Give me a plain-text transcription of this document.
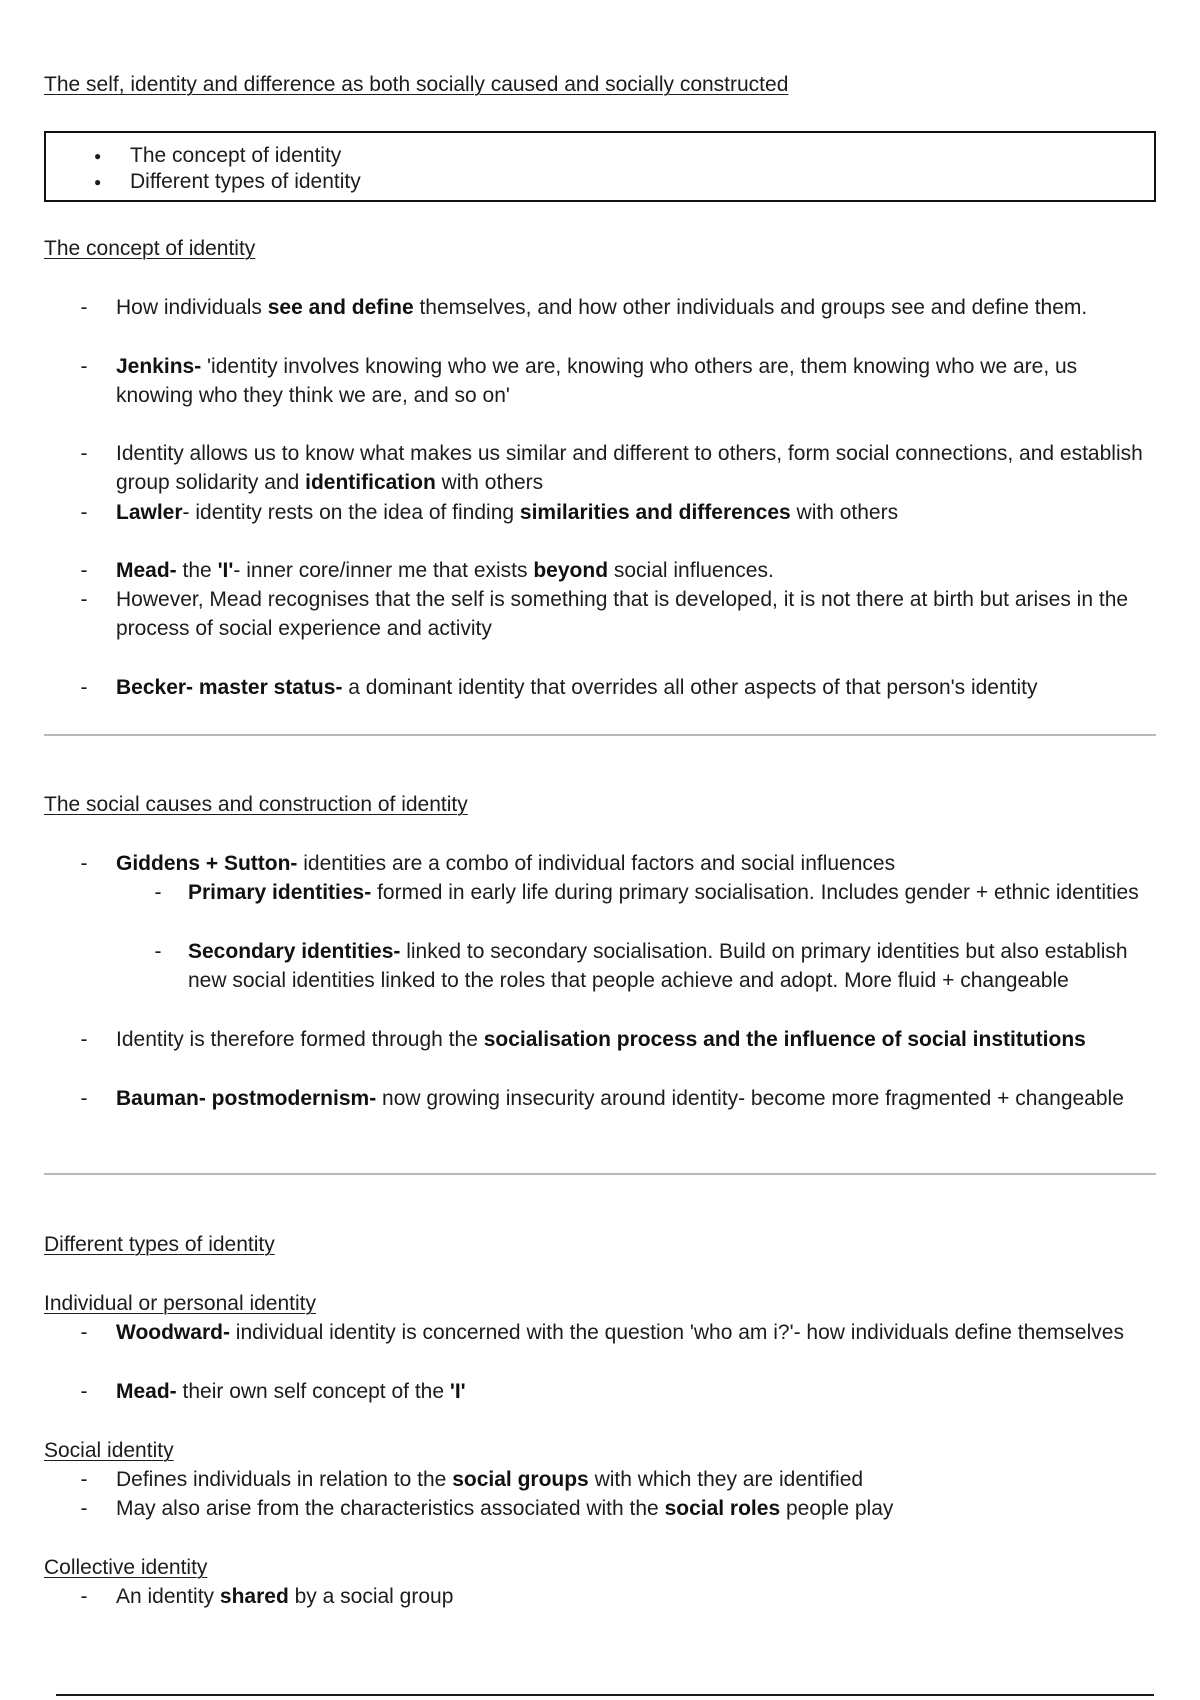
The self, identity and difference as both socially caused and socially constructed
● The concept of identity
● Different types of identity
The concept of identity
- How individuals see and define themselves, and how other individuals and groups see and define them.
- Jenkins- 'identity involves knowing who we are, knowing who others are, them knowing who we are, us knowing who they think we are, and so on'
- Identity allows us to know what makes us similar and different to others, form social connections, and establish group solidarity and identification with others
- Lawler- identity rests on the idea of finding similarities and differences with others
- Mead- the 'I'- inner core/inner me that exists beyond social influences.
- However, Mead recognises that the self is something that is developed, it is not there at birth but arises in the process of social experience and activity
- Becker- master status- a dominant identity that overrides all other aspects of that person's identity
The social causes and construction of identity
- Giddens + Sutton- identities are a combo of individual factors and social influences
- Primary identities- formed in early life during primary socialisation. Includes gender + ethnic identities
- Secondary identities- linked to secondary socialisation. Build on primary identities but also establish new social identities linked to the roles that people achieve and adopt. More fluid + changeable
- Identity is therefore formed through the socialisation process and the influence of social institutions
- Bauman- postmodernism- now growing insecurity around identity- become more fragmented + changeable
Different types of identity
Individual or personal identity
- Woodward- individual identity is concerned with the question 'who am i?'- how individuals define themselves
- Mead- their own self concept of the 'I'
Social identity
- Defines individuals in relation to the social groups with which they are identified
- May also arise from the characteristics associated with the social roles people play
Collective identity
- An identity shared by a social group
